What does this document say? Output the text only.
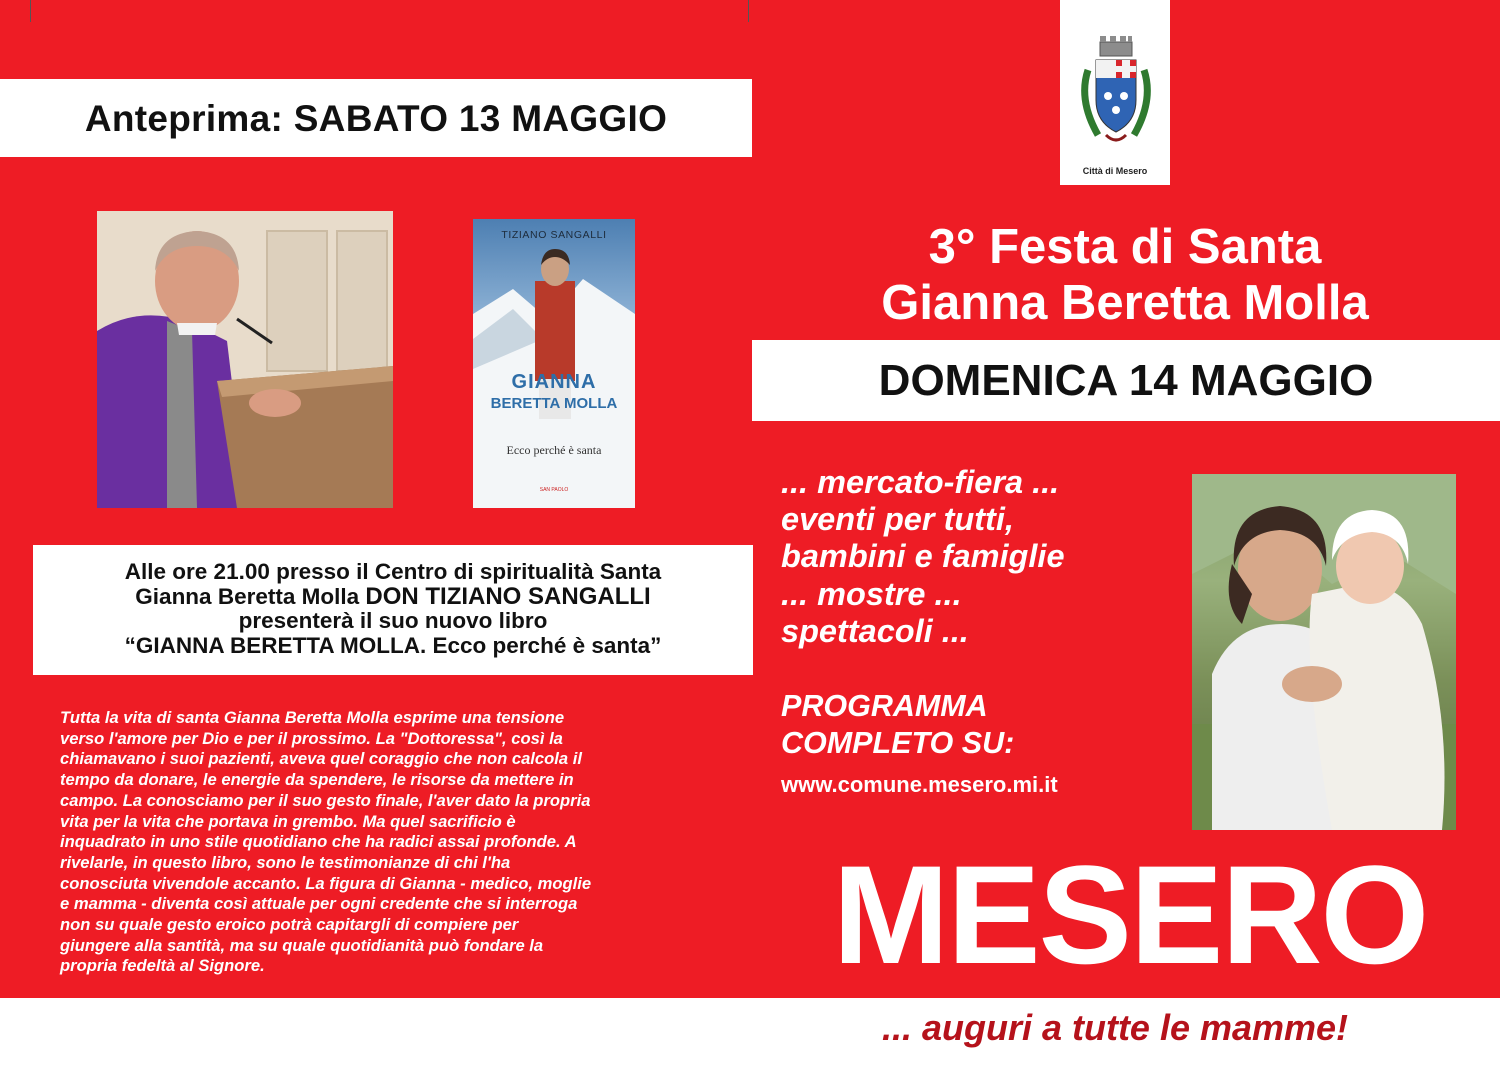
Anteprima: SABATO 13 MAGGIO
TIZIANO SANGALLI
GIANNA
BERETTA MOLLA
Ecco perché è santa
SAN PAOLO
Alle ore 21.00 presso il Centro di spiritualità Santa
Gianna Beretta Molla DON TIZIANO SANGALLI
presenterà il suo nuovo libro
“GIANNA BERETTA MOLLA. Ecco perché è santa”
Tutta la vita di santa Gianna Beretta Molla esprime una tensione
verso l'amore per Dio e per il prossimo. La "Dottoressa", così la
chiamavano i suoi pazienti, aveva quel coraggio che non calcola il
tempo da donare, le energie da spendere, le risorse da mettere in
campo. La conosciamo per il suo gesto finale, l'aver dato la propria
vita per la vita che portava in grembo. Ma quel sacrificio è
inquadrato in uno stile quotidiano che ha radici assai profonde. A
rivelarle, in questo libro, sono le testimonianze di chi l'ha
conosciuta vivendole accanto. La figura di Gianna - medico, moglie
e mamma - diventa così attuale per ogni credente che si interroga
non su quale gesto eroico potrà capitargli di compiere per
giungere alla santità, ma su quale quotidianità può fondare la
propria fedeltà al Signore.
Città di Mesero
3° Festa di Santa
Gianna Beretta Molla
DOMENICA 14 MAGGIO
... mercato-fiera ...
eventi per tutti,
bambini e famiglie
... mostre ...
spettacoli ...
PROGRAMMA
COMPLETO SU:
www.comune.mesero.mi.it
MESERO
... auguri a tutte le mamme!
